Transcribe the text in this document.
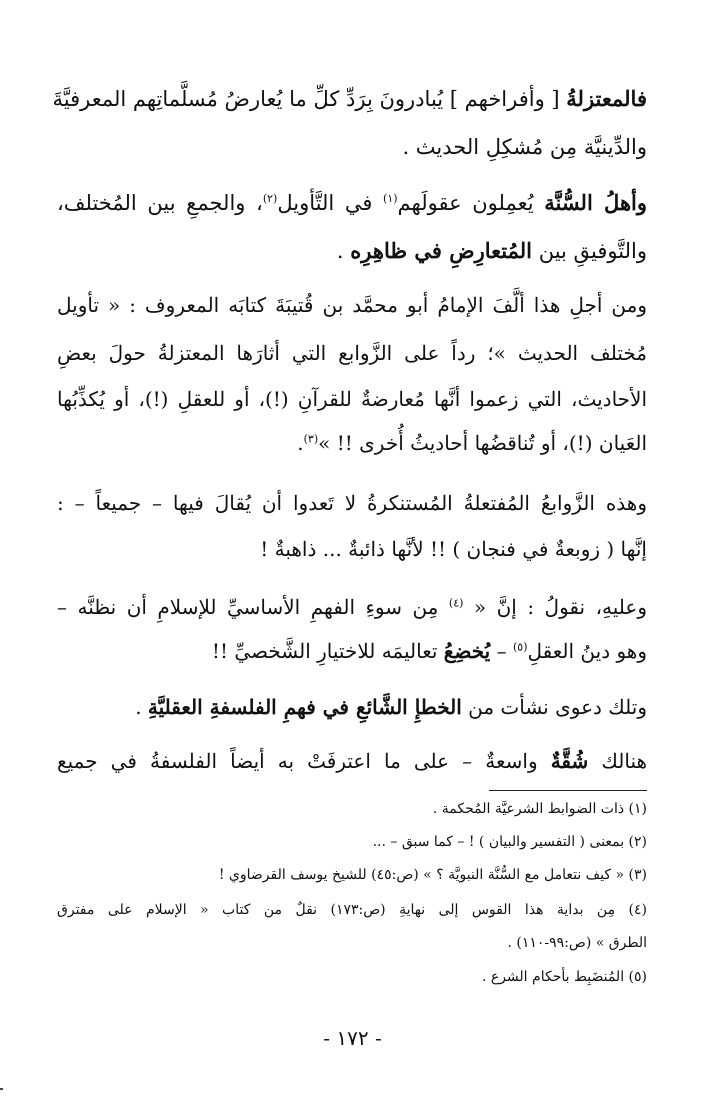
فالمعتزلةُ [ وأفراخهم ] يُبادرونَ بِرَدِّ كلِّ ما يُعارضُ مُسلَّماتِهم المعرفيَّةَ
والدِّينيَّة مِن مُشكِلِ الحديث .
وأهلُ السُّنَّة يُعمِلون عقولَهم$^{(١)}$ في التَّأويل$^{(٢)}$، والجمعِ بين المُختلف،
والتَّوفيقِ بين المُتعارِضِ في ظاهِرِه .
ومن أجلِ هذا ألَّفَ الإمامُ أبو محمَّد بن قُتيبَةَ كتابَه المعروف : « تأويل
مُختلف الحديث »؛ رداً على الزَّوابع التي أثارَها المعتزلةُ حولَ بعضِ
الأحاديث، التي زعموا أنَّها مُعارضةٌ للقرآنِ (!)، أو للعقلِ (!)، أو يُكذِّبُها
العَيان (!)، أو تُناقضُها أحاديثُ أُخرى !! »$^{(٣)}$.
وهذه الزَّوابعُ المُفتعلةُ المُستنكرةُ لا تَعدوا أن يُقالَ فيها – جميعاً – :
إنَّها ( زوبعةٌ في فنجان ) !! لأنَّها ذائبةٌ ... ذاهبةٌ !
وعليهِ، نقولُ : إنَّ « $^{(٤)}$ مِن سوءِ الفهمِ الأساسيِّ للإسلامِ أن نظنَّه –
وهو دينُ العقلِ$^{(٥)}$ – يُخضِعُ تعاليمَه للاختيارِ الشَّخصيِّ !!
وتلك دعوى نشأت من الخطإِ الشَّائعِ في فهمِ الفلسفةِ العقليَّةِ .
هنالك شُقَّةٌ واسعةٌ – على ما اعترفَتْ به أيضاً الفلسفةُ في جميع
(١) ذات الضوابط الشرعيَّة المُحكمة .
(٢) بمعنى ( التفسير والبيان ) ! – كما سبق – ...
(٣) « كيف نتعامل مع السُّنَّة النبويَّة ؟ » (ص:٤٥) للشيخ يوسف القرضاوي !
(٤) مِن بداية هذا القوس إلى نهايةِ (ص:١٧٣) نقلٌ من كتاب « الإسلام على مفترق
الطرق » (ص:٩٩-١١٠) .
(٥) المُنضَبِط بأحكام الشرع .
- ١٧٢ -
